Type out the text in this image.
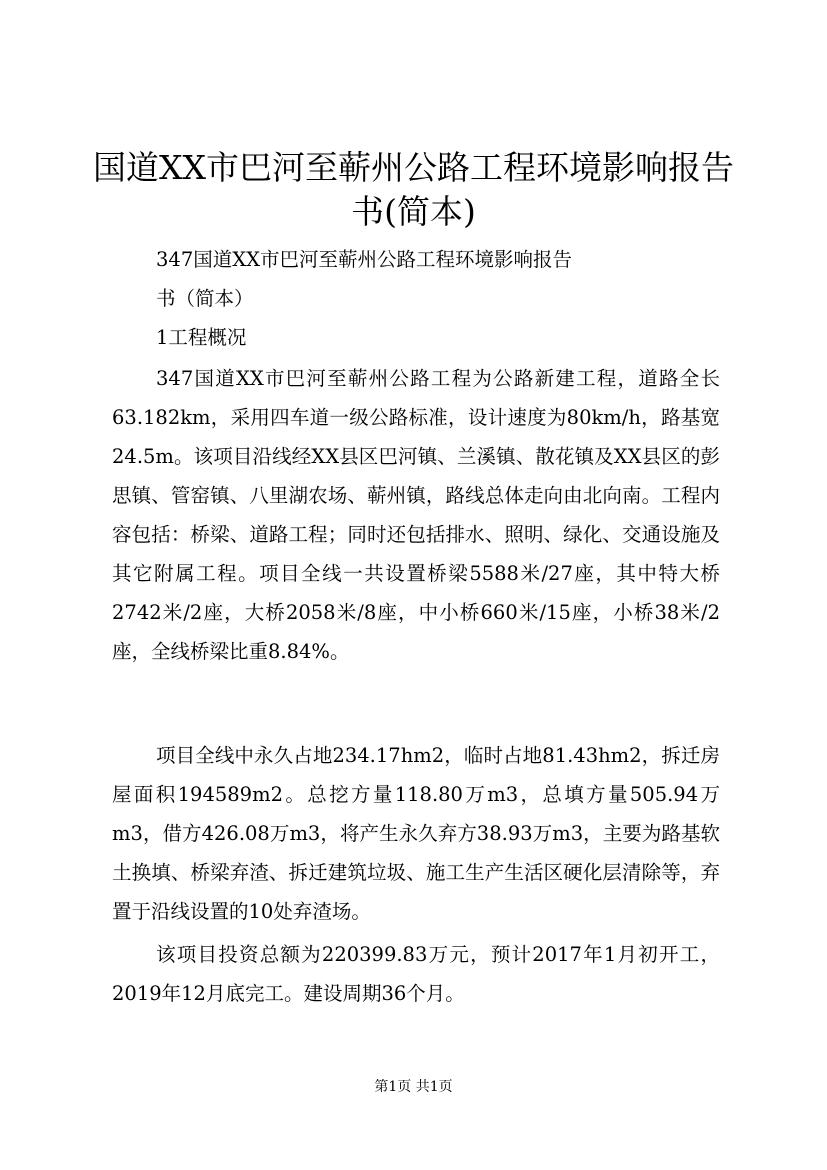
国道XX市巴河至蕲州公路工程环境影响报告
书(简本)

347国道XX市巴河至蕲州公路工程环境影响报告

书（简本）

1工程概况

347国道XX市巴河至蕲州公路工程为公路新建工程，道路全长63.182km，采用四车道一级公路标准，设计速度为80km/h，路基宽24.5m。该项目沿线经XX县区巴河镇、兰溪镇、散花镇及XX县区的彭思镇、管窑镇、八里湖农场、蕲州镇，路线总体走向由北向南。工程内容包括：桥梁、道路工程；同时还包括排水、照明、绿化、交通设施及其它附属工程。项目全线一共设置桥梁5588米/27座，其中特大桥2742米/2座，大桥2058米/8座，中小桥660米/15座，小桥38米/2座，全线桥梁比重8.84%。

项目全线中永久占地234.17hm2，临时占地81.43hm2，拆迁房屋面积194589m2。总挖方量118.80万m3，总填方量505.94万m3，借方426.08万m3，将产生永久弃方38.93万m3，主要为路基软土换填、桥梁弃渣、拆迁建筑垃圾、施工生产生活区硬化层清除等，弃置于沿线设置的10处弃渣场。

该项目投资总额为220399.83万元，预计2017年1月初开工，2019年12月底完工。建设周期36个月。

第1页 共1页
